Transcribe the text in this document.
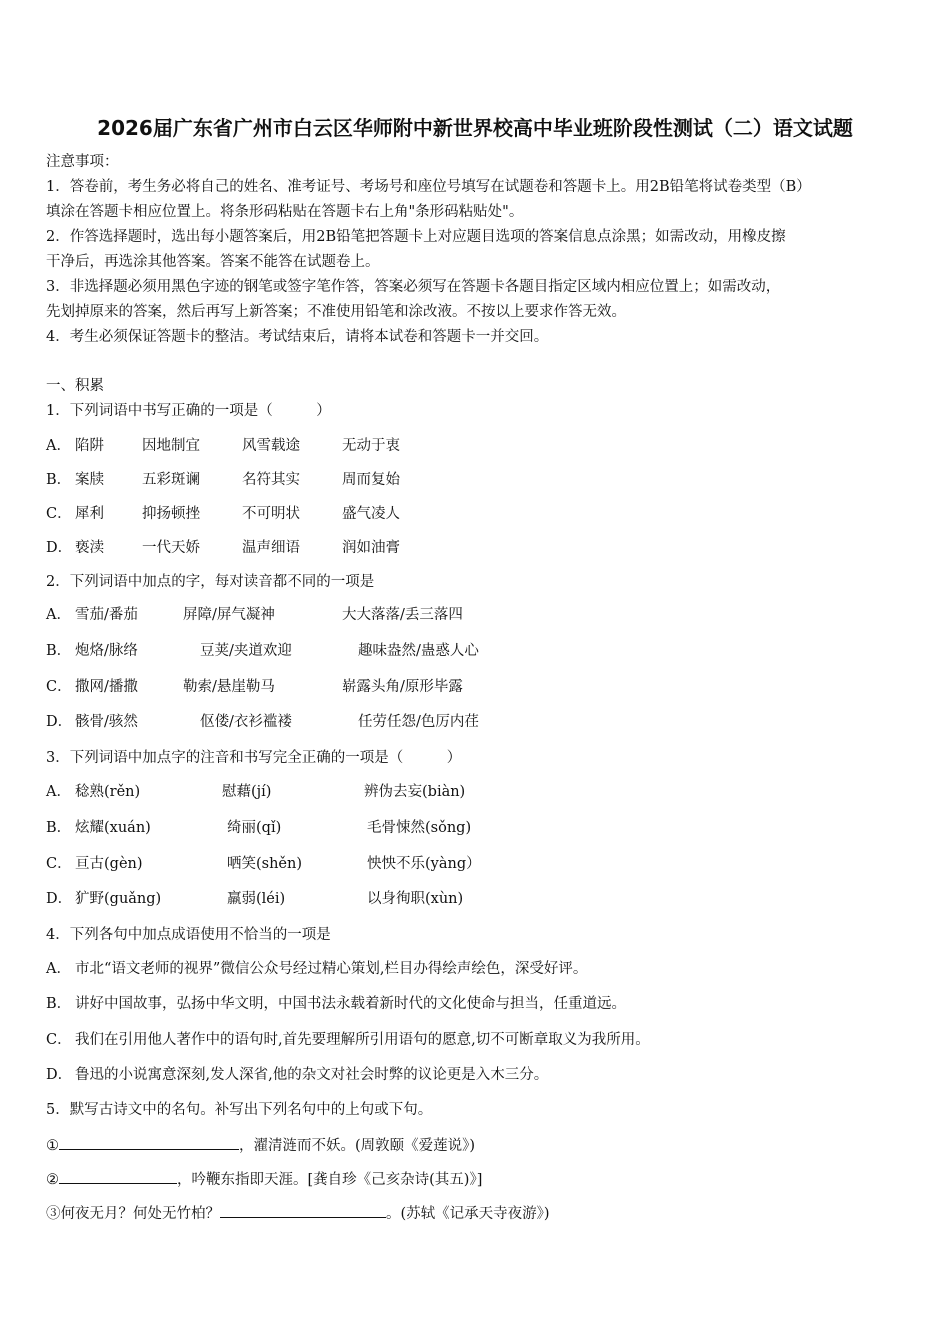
2026届广东省广州市白云区华师附中新世界校高中毕业班阶段性测试（二）语文试题
注意事项：
1．答卷前，考生务必将自己的姓名、准考证号、考场号和座位号填写在试题卷和答题卡上。用2B铅笔将试卷类型（B）
填涂在答题卡相应位置上。将条形码粘贴在答题卡右上角"条形码粘贴处"。
2．作答选择题时，选出每小题答案后，用2B铅笔把答题卡上对应题目选项的答案信息点涂黑；如需改动，用橡皮擦
干净后，再选涂其他答案。答案不能答在试题卷上。
3．非选择题必须用黑色字迹的钢笔或签字笔作答，答案必须写在答题卡各题目指定区域内相应位置上；如需改动，
先划掉原来的答案，然后再写上新答案；不准使用铅笔和涂改液。不按以上要求作答无效。
4．考生必须保证答题卡的整洁。考试结束后，请将本试卷和答题卡一并交回。
一、积累
1．下列词语中书写正确的一项是（　　　）
A． 陷阱	因地制宜	风雪载途	无动于衷
B． 案牍	五彩斑谰	名符其实	周而复始
C． 犀利	抑扬顿挫	不可明状	盛气凌人
D． 亵渎	一代天娇	温声细语	润如油膏
2．下列词语中加点的字，每对读音都不同的一项是
A． 雪茄/番茄	屏障/屏气凝神	大大落落/丢三落四
B． 炮烙/脉络	豆荚/夹道欢迎	趣味盎然/蛊惑人心
C． 撒网/播撒	勒索/悬崖勒马	崭露头角/原形毕露
D． 骸骨/骇然	伛偻/衣衫褴褛	任劳任怨/色厉内荏
3．下列词语中加点字的注音和书写完全正确的一项是（　　　）
A． 稔熟(rěn)	慰藉(jí)	辨伪去妄(biàn)
B． 炫耀(xuán)	绮丽(qǐ)	毛骨悚然(sǒng)
C． 亘古(gèn)	哂笑(shěn)	怏怏不乐(yàng）
D． 犷野(guǎng)	羸弱(léi)	以身徇职(xùn)
4．下列各句中加点成语使用不恰当的一项是
A． 市北“语文老师的视界”微信公众号经过精心策划,栏目办得绘声绘色，深受好评。
B． 讲好中国故事，弘扬中华文明，中国书法永载着新时代的文化使命与担当，任重道远。
C． 我们在引用他人著作中的语句时,首先要理解所引用语句的愿意,切不可断章取义为我所用。
D． 鲁迅的小说寓意深刻,发人深省,他的杂文对社会时弊的议论更是入木三分。
5．默写古诗文中的名句。补写出下列名句中的上句或下句。
①	，濯清涟而不妖。(周敦颐《爱莲说》)
②	，吟鞭东指即天涯。[龚自珍《己亥杂诗(其五)》]
③何夜无月？何处无竹柏？	。(苏轼《记承天寺夜游》)
